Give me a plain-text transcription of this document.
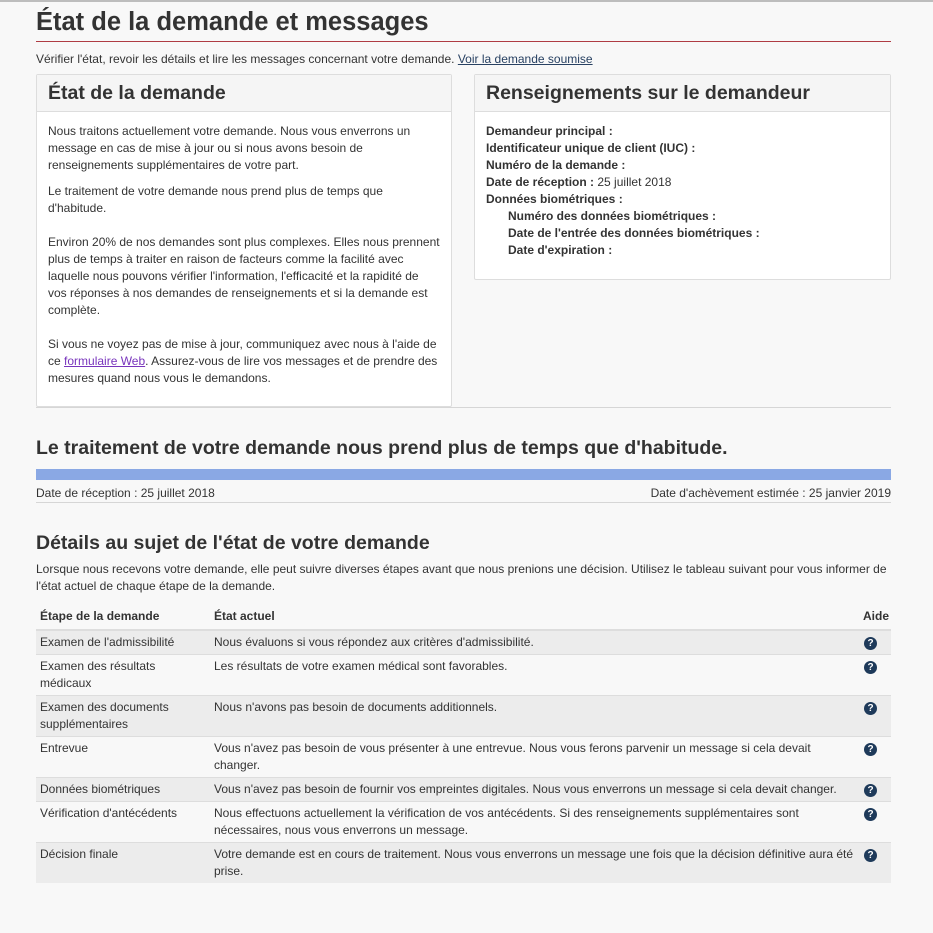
État de la demande et messages
Vérifier l'état, revoir les détails et lire les messages concernant votre demande. Voir la demande soumise
État de la demande

Nous traitons actuellement votre demande. Nous vous enverrons un message en cas de mise à jour ou si nous avons besoin de renseignements supplémentaires de votre part.

Le traitement de votre demande nous prend plus de temps que d'habitude.

Environ 20% de nos demandes sont plus complexes. Elles nous prennent plus de temps à traiter en raison de facteurs comme la facilité avec laquelle nous pouvons vérifier l'information, l'efficacité et la rapidité de vos réponses à nos demandes de renseignements et si la demande est complète.

Si vous ne voyez pas de mise à jour, communiquez avec nous à l'aide de ce formulaire Web. Assurez-vous de lire vos messages et de prendre des mesures quand nous vous le demandons.

Renseignements sur le demandeur
Demandeur principal :
Identificateur unique de client (IUC) :
Numéro de la demande :
Date de réception : 25 juillet 2018
Données biométriques :
Numéro des données biométriques :
Date de l'entrée des données biométriques :
Date d'expiration :
Le traitement de votre demande nous prend plus de temps que d'habitude.
Date de réception : 25 juillet 2018	Date d'achèvement estimée : 25 janvier 2019
Détails au sujet de l'état de votre demande
Lorsque nous recevons votre demande, elle peut suivre diverses étapes avant que nous prenions une décision. Utilisez le tableau suivant pour vous informer de l'état actuel de chaque étape de la demande.
Étape de la demande	État actuel	Aide
Examen de l'admissibilité	Nous évaluons si vous répondez aux critères d'admissibilité.	?
Examen des résultats médicaux	Les résultats de votre examen médical sont favorables.	?
Examen des documents supplémentaires	Nous n'avons pas besoin de documents additionnels.	?
Entrevue	Vous n'avez pas besoin de vous présenter à une entrevue. Nous vous ferons parvenir un message si cela devait changer.	?
Données biométriques	Vous n'avez pas besoin de fournir vos empreintes digitales. Nous vous enverrons un message si cela devait changer.	?
Vérification d'antécédents	Nous effectuons actuellement la vérification de vos antécédents. Si des renseignements supplémentaires sont nécessaires, nous vous enverrons un message.	?
Décision finale	Votre demande est en cours de traitement. Nous vous enverrons un message une fois que la décision définitive aura été prise.	?
